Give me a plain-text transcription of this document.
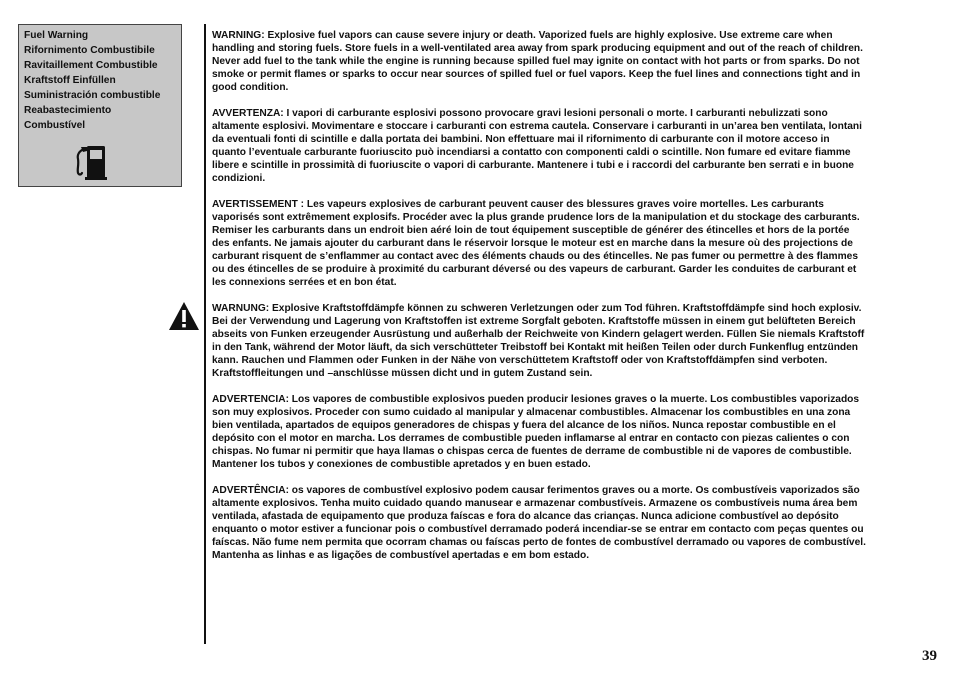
Fuel Warning
Rifornimento Combustibile
Ravitaillement Combustible
Kraftstoff Einfüllen
Suministración combustible
Reabastecimiento
Combustível

WARNING: Explosive fuel vapors can cause severe injury or death. Vaporized fuels are highly explosive. Use extreme care when
handling and storing fuels. Store fuels in a well-ventilated area away from spark producing equipment and out of the reach of children.
Never add fuel to the tank while the engine is running because spilled fuel may ignite on contact with hot parts or from sparks. Do not
smoke or permit flames or sparks to occur near sources of spilled fuel or fuel vapors. Keep the fuel lines and connections tight and in
good condition.

AVVERTENZA: I vapori di carburante esplosivi possono provocare gravi lesioni personali o morte. I carburanti nebulizzati sono
altamente esplosivi. Movimentare e stoccare i carburanti con estrema cautela. Conservare i carburanti in un’area ben ventilata, lontani
da eventuali fonti di scintille e dalla portata dei bambini. Non effettuare mai il rifornimento di carburante con il motore acceso in
quanto l’eventuale carburante fuoriuscito può incendiarsi a contatto con componenti caldi o scintille. Non fumare ed evitare fiamme
libere e scintille in prossimità di fuoriuscite o vapori di carburante. Mantenere i tubi e i raccordi del carburante ben serrati e in buone
condizioni.

AVERTISSEMENT : Les vapeurs explosives de carburant peuvent causer des blessures graves voire mortelles. Les carburants
vaporisés sont extrêmement explosifs. Procéder avec la plus grande prudence lors de la manipulation et du stockage des carburants.
Remiser les carburants dans un endroit bien aéré loin de tout équipement susceptible de générer des étincelles et hors de la portée
des enfants. Ne jamais ajouter du carburant dans le réservoir lorsque le moteur est en marche dans la mesure où des projections de
carburant risquent de s’enflammer au contact avec des éléments chauds ou des étincelles. Ne pas fumer ou permettre à des flammes
ou des étincelles de se produire à proximité du carburant déversé ou des vapeurs de carburant. Garder les conduites de carburant et
les connexions serrées et en bon état.

WARNUNG: Explosive Kraftstoffdämpfe können zu schweren Verletzungen oder zum Tod führen. Kraftstoffdämpfe sind hoch explosiv.
Bei der Verwendung und Lagerung von Kraftstoffen ist extreme Sorgfalt geboten. Kraftstoffe müssen in einem gut belüfteten Bereich
abseits von Funken erzeugender Ausrüstung und außerhalb der Reichweite von Kindern gelagert werden. Füllen Sie niemals Kraftstoff
in den Tank, während der Motor läuft, da sich verschütteter Treibstoff bei Kontakt mit heißen Teilen oder durch Funkenflug entzünden
kann. Rauchen und Flammen oder Funken in der Nähe von verschüttetem Kraftstoff oder von Kraftstoffdämpfen sind verboten.
Kraftstoffleitungen und –anschlüsse müssen dicht und in gutem Zustand sein.

ADVERTENCIA: Los vapores de combustible explosivos pueden producir lesiones graves o la muerte. Los combustibles vaporizados
son muy explosivos. Proceder con sumo cuidado al manipular y almacenar combustibles. Almacenar los combustibles en una zona
bien ventilada, apartados de equipos generadores de chispas y fuera del alcance de los niños. Nunca repostar combustible en el
depósito con el motor en marcha. Los derrames de combustible pueden inflamarse al entrar en contacto con piezas calientes o con
chispas. No fumar ni permitir que haya llamas o chispas cerca de fuentes de derrame de combustible ni de vapores de combustible.
Mantener los tubos y conexiones de combustible apretados y en buen estado.

ADVERTÊNCIA: os vapores de combustível explosivo podem causar ferimentos graves ou a morte. Os combustíveis vaporizados são
altamente explosivos. Tenha muito cuidado quando manusear e armazenar combustíveis. Armazene os combustíveis numa área bem
ventilada, afastada de equipamento que produza faíscas e fora do alcance das crianças. Nunca adicione combustível ao depósito
enquanto o motor estiver a funcionar pois o combustível derramado poderá incendiar-se se entrar em contacto com peças quentes ou
faíscas. Não fume nem permita que ocorram chamas ou faíscas perto de fontes de combustível derramado ou vapores de combustível.
Mantenha as linhas e as ligações de combustível apertadas e em bom estado.

39
